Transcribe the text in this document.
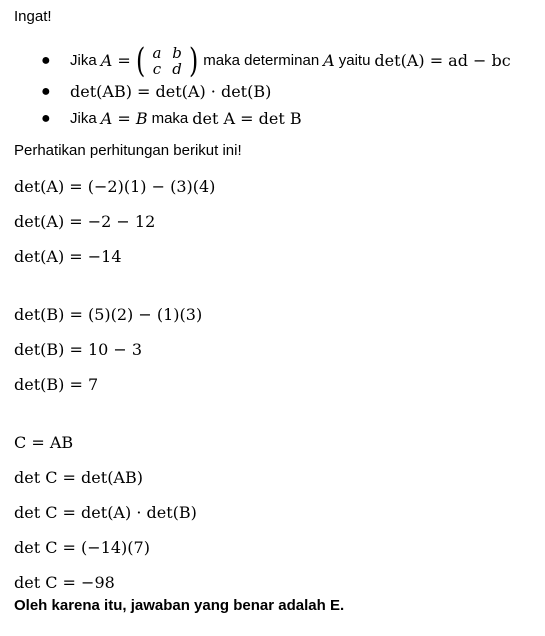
Ingat!
● Jika A = ( a b
c d ) maka determinan A yaitu det(A) = ad − bc
● det(AB) = det(A) · det(B)
● Jika A = B maka det A = det B
Perhatikan perhitungan berikut ini!
det(A) = (−2)(1) − (3)(4)
det(A) = −2 − 12
det(A) = −14
det(B) = (5)(2) − (1)(3)
det(B) = 10 − 3
det(B) = 7
C = AB
det C = det(AB)
det C = det(A) · det(B)
det C = (−14)(7)
det C = −98
Oleh karena itu, jawaban yang benar adalah E.
